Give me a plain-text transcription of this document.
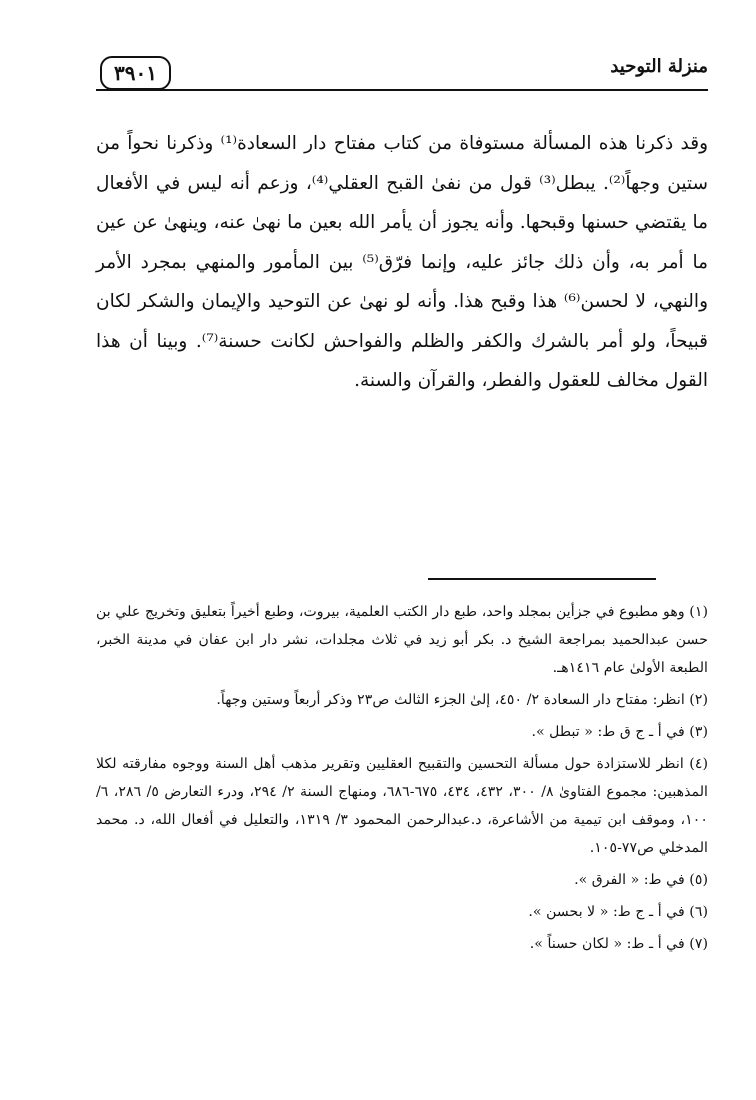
٣٩٠١	منزلة التوحيد
وقد ذكرنا هذه المسألة مستوفاة من كتاب مفتاح دار السعادة⁽¹⁾ وذكرنا نحواً من ستين وجهاً⁽²⁾. يبطل⁽³⁾ قول من نفىٰ القبح العقلي⁽⁴⁾، وزعم أنه ليس في الأفعال ما يقتضي حسنها وقبحها. وأنه يجوز أن يأمر الله بعين ما نهىٰ عنه، وينهىٰ عن عين ما أمر به، وأن ذلك جائز عليه، وإنما فرّق⁽⁵⁾ بين المأمور والمنهي بمجرد الأمر والنهي، لا لحسن⁽⁶⁾ هذا وقبح هذا. وأنه لو نهىٰ عن التوحيد والإيمان والشكر لكان قبيحاً، ولو أمر بالشرك والكفر والظلم والفواحش لكانت حسنة⁽⁷⁾. وبينا أن هذا القول مخالف للعقول والفطر، والقرآن والسنة.
(١) وهو مطبوع في جزأين بمجلد واحد، طبع دار الكتب العلمية، بيروت، وطبع أخيراً بتعليق وتخريج علي بن حسن عبدالحميد بمراجعة الشيخ د. بكر أبو زيد في ثلاث مجلدات، نشر دار ابن عفان في مدينة الخبر، الطبعة الأولىٰ عام ١٤١٦هـ.
(٢) انظر: مفتاح دار السعادة ٢/ ٤٥٠، إلىٰ الجزء الثالث ص٢٣ وذكر أربعاً وستين وجهاً.
(٣) في أ ـ ج ق ط: « تبطل ».
(٤) انظر للاستزادة حول مسألة التحسين والتقبيح العقليين وتقرير مذهب أهل السنة ووجوه مفارقته لكلا المذهبين: مجموع الفتاوىٰ ٨/ ٣٠٠، ٤٣٢، ٤٣٤، ٦٧٥-٦٨٦، ومنهاج السنة ٢/ ٢٩٤، ودرء التعارض ٥/ ٢٨٦، ٦/ ١٠٠، وموقف ابن تيمية من الأشاعرة، د.عبدالرحمن المحمود ٣/ ١٣١٩، والتعليل في أفعال الله، د. محمد المدخلي ص٧٧-١٠٥.
(٥) في ط: « الفرق ».
(٦) في أ ـ ج ط: « لا بحسن ».
(٧) في أ ـ ط: « لكان حسناً ».
